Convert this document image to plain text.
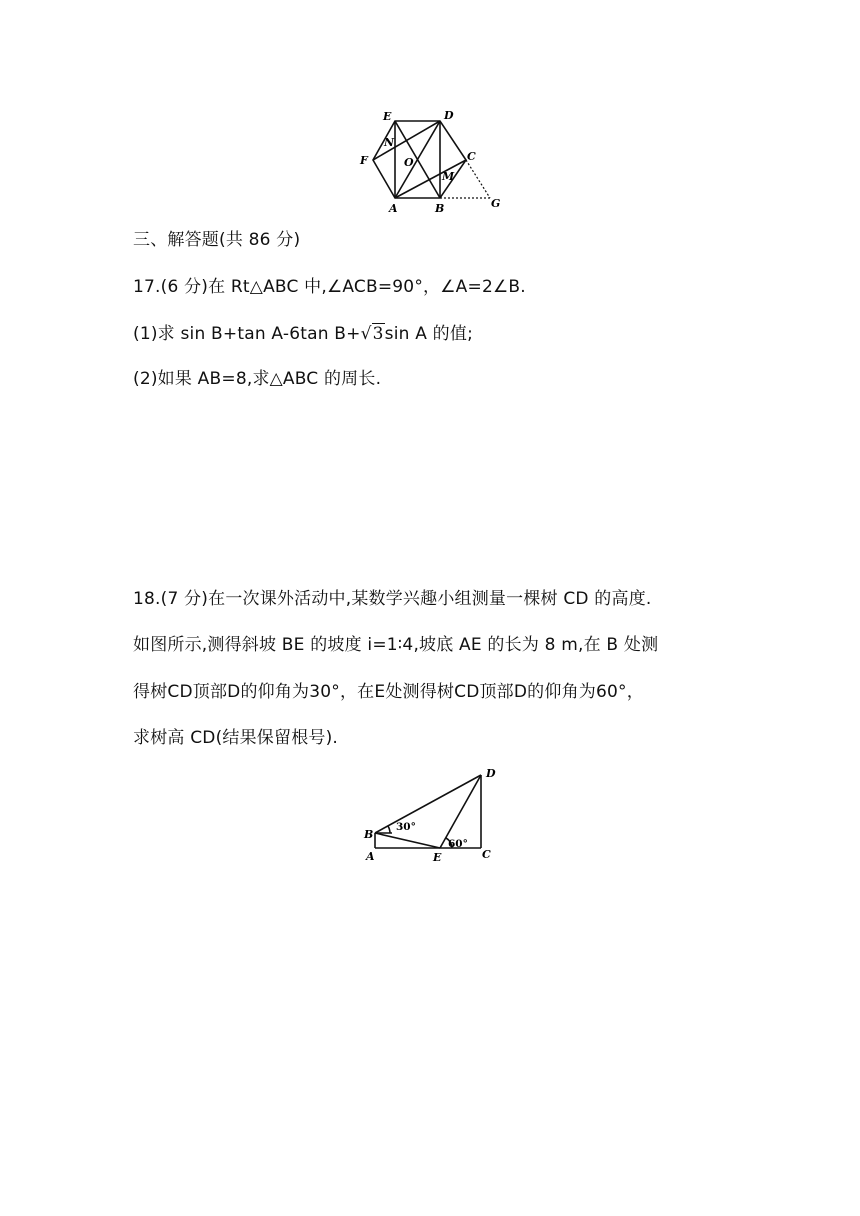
E	D
N
F	O	C
M
A	B	G
三、解答题(共 86 分)
17.(6 分)在 Rt△ABC 中,∠ACB=90°，∠A=2∠B.
(1)求 sin B+tan A-6tan B+√3sin A 的值;
(2)如果 AB=8,求△ABC 的周长.
18.(7 分)在一次课外活动中,某数学兴趣小组测量一棵树 CD 的高度.
如图所示,测得斜坡 BE 的坡度 i=1∶4,坡底 AE 的长为 8 m,在 B 处测
得树CD顶部D的仰角为30°，在E处测得树CD顶部D的仰角为60°，
求树高 CD(结果保留根号).
D
B
A	E	C
30°
60°
